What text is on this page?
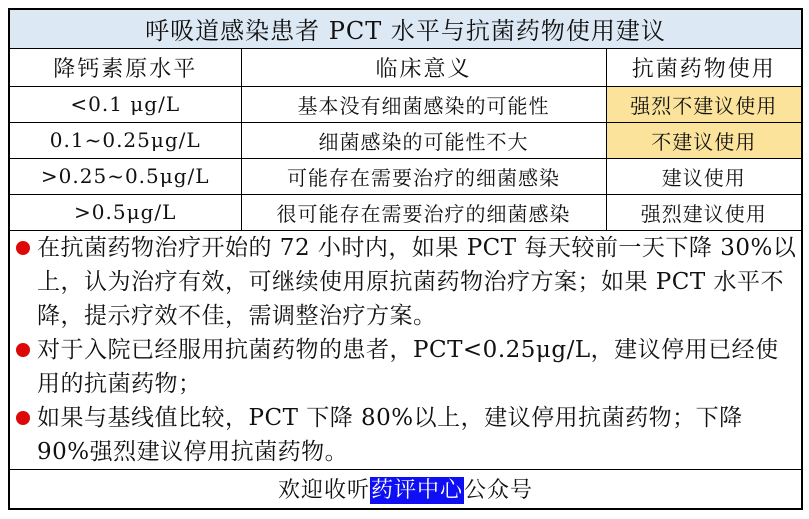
呼吸道感染患者 PCT 水平与抗菌药物使用建议		
降钙素原水平	临床意义	抗菌药物使用
<0.1 μg/L	基本没有细菌感染的可能性	强烈不建议使用
0.1~0.25μg/L	细菌感染的可能性不大	不建议使用
>0.25~0.5μg/L	可能存在需要治疗的细菌感染	建议使用
>0.5μg/L	很可能存在需要治疗的细菌感染	强烈建议使用

在抗菌药物治疗开始的 72 小时内，如果 PCT 每天较前一天下降 30%以上，认为治疗有效，可继续使用原抗菌药物治疗方案；如果 PCT 水平不降，提示疗效不佳，需调整治疗方案。

对于入院已经服用抗菌药物的患者，PCT<0.25μg/L，建议停用已经使用的抗菌药物；

如果与基线值比较，PCT 下降 80%以上，建议停用抗菌药物；下降 90%强烈建议停用抗菌药物。		

欢迎收听药评中心公众号		
